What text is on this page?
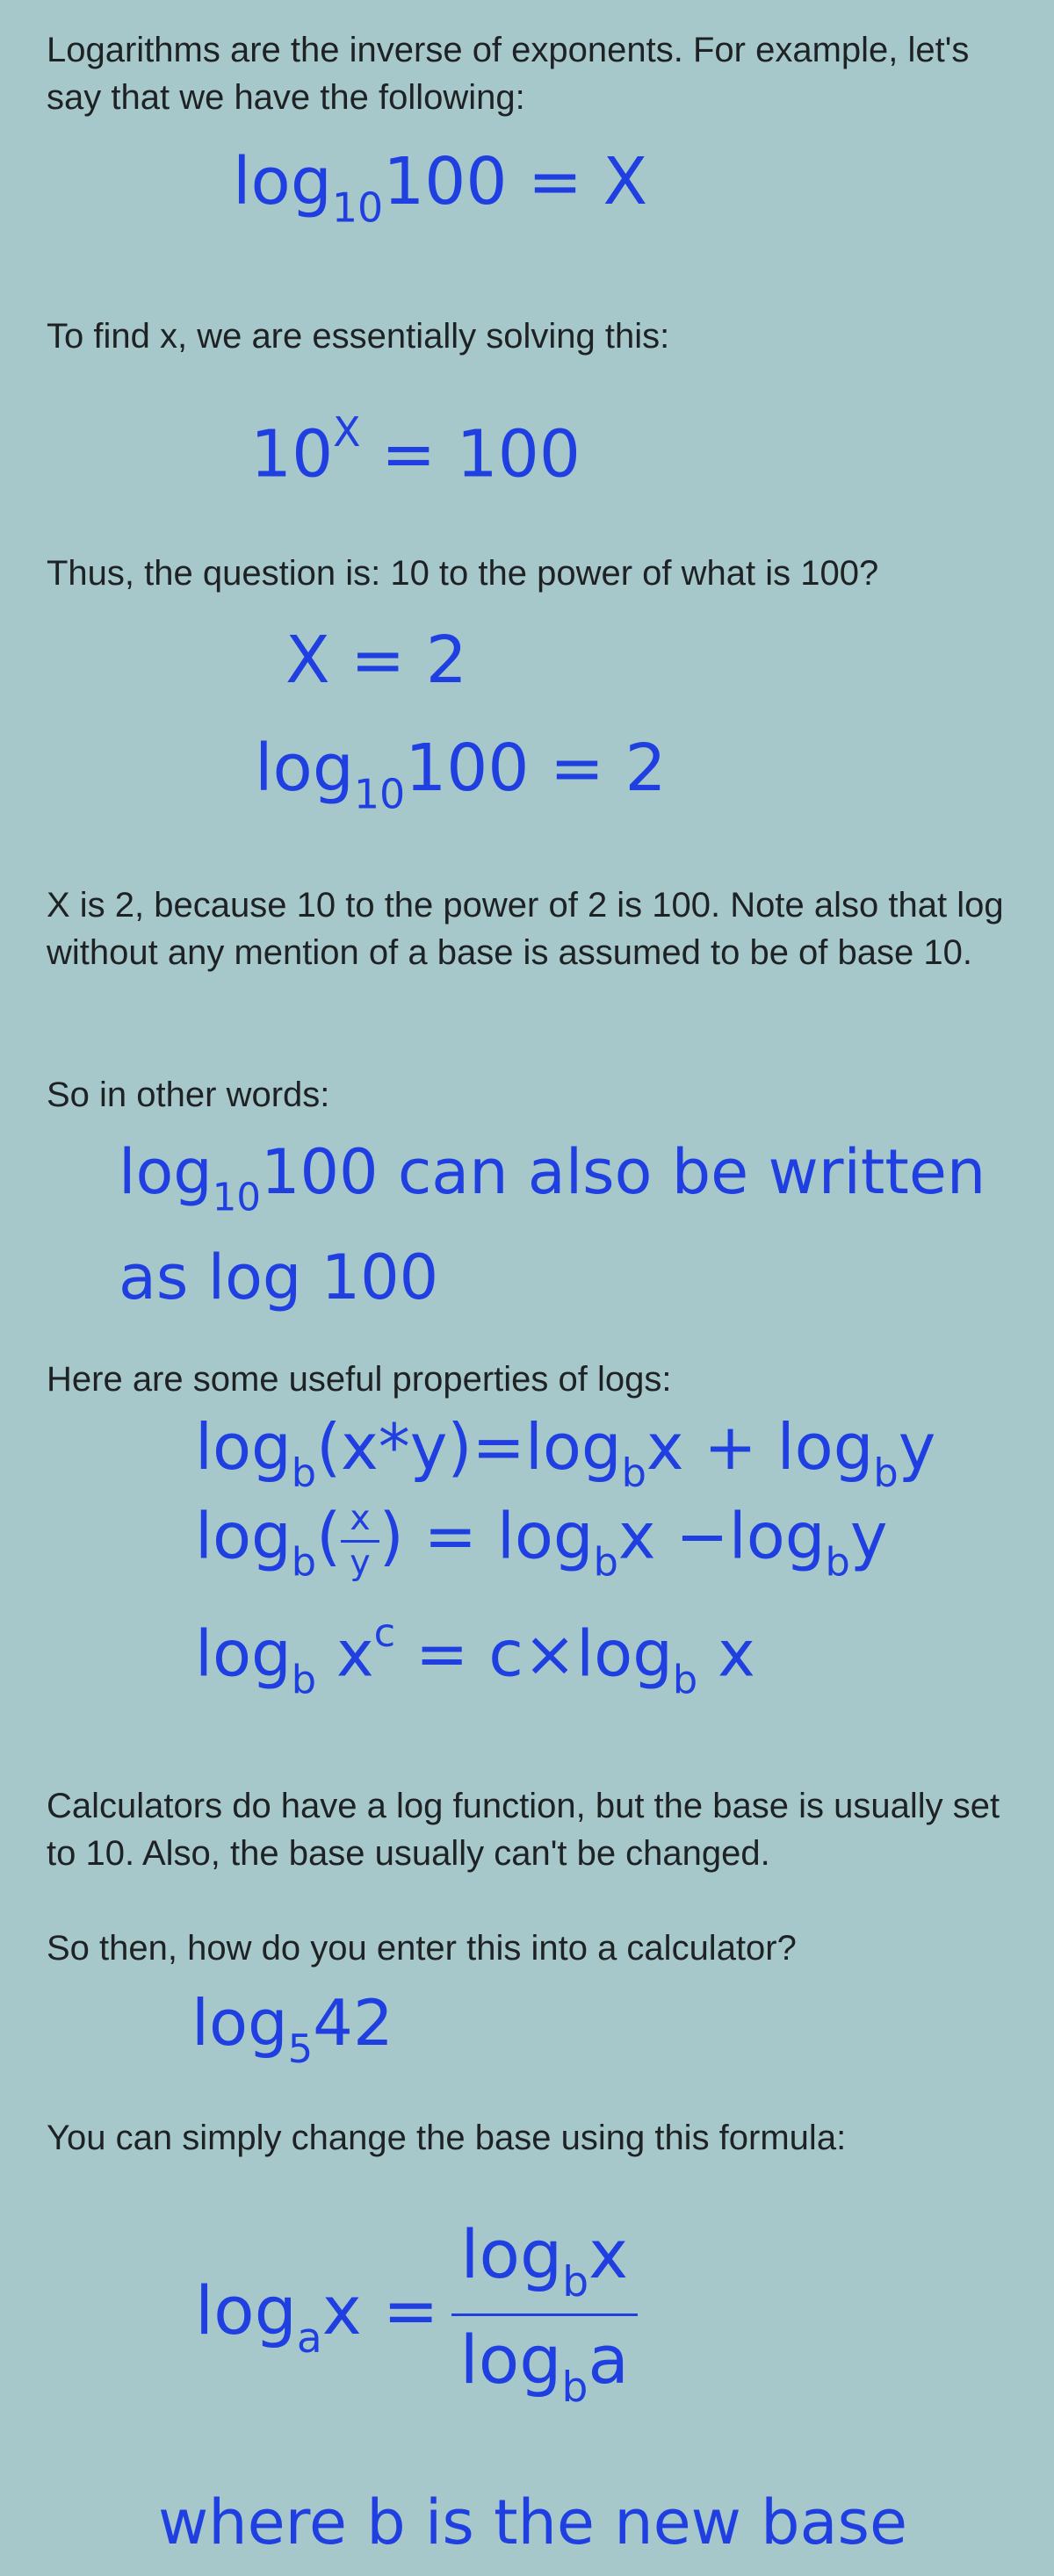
Logarithms are the inverse of exponents. For example, let's say that we have the following:

$\log_{10}100 = X$

To find x, we are essentially solving this:

$10^X = 100$

Thus, the question is: 10 to the power of what is 100?

X = 2
$\log_{10}100 = 2$

X is 2, because 10 to the power of 2 is 100. Note also that log without any mention of a base is assumed to be of base 10.

So in other words:

$\log_{10}100$ can also be written
as log 100

Here are some useful properties of logs:

$\log_b(x*y)=\log_bx + \log_by$
$\log_b( \frac{x}{y}$ ) = $\log_bx -\log_by$
$\log_b x^c = c\times\log_b$ x

Calculators do have a log function, but the base is usually set to 10. Also, the base usually can't be changed.

So then, how do you enter this into a calculator?

$\log_542$

You can simply change the base using this formula:

$\log_ax = \frac{\log_bx}{\log_ba}$
where b is the new base
